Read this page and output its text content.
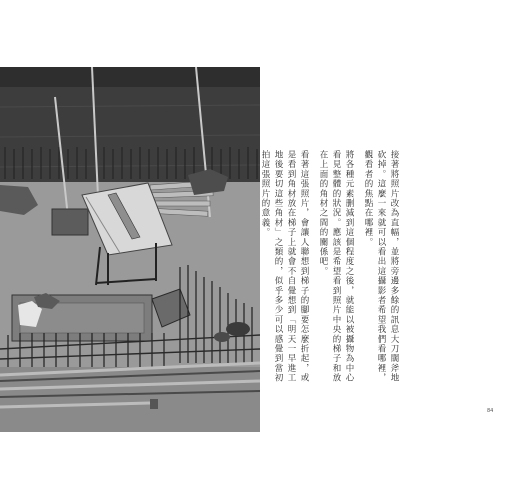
接著將照片改為直幅，並將旁邊多餘的訊息大刀闊斧地砍掉。這麼一來就可以看出這攝影者希望我們看哪裡，觀看者的焦點在哪裡。

將各種元素删減到這個程度之後，就能以被攝物為中心看見整體的狀況。應該是希望看到照片中央的梯子和放在上面的角材之間的關係吧。

看著這張照片，會讓人聯想到梯子的腳要怎麼折起，或是看到角材放在梯子上就會不自覺想到「明天一早進工地後要切這些角材」之類的，似乎多少可以感覺到當初拍這張照片的意義。

84
